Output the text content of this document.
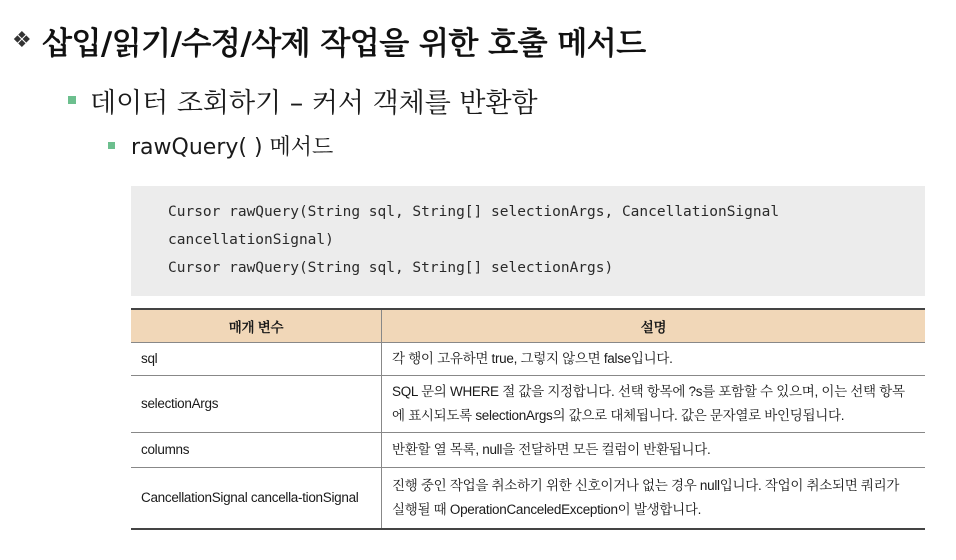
❖ 삽입/읽기/수정/삭제 작업을 위한 호출 메서드
데이터 조회하기 – 커서 객체를 반환함
rawQuery( ) 메서드
Cursor rawQuery(String sql, String[] selectionArgs, CancellationSignal
cancellationSignal)
Cursor rawQuery(String sql, String[] selectionArgs)
매개 변수	설명
sql	각 행이 고유하면 true, 그렇지 않으면 false입니다.
selectionArgs	SQL 문의 WHERE 절 값을 지정합니다. 선택 항목에 ?s를 포함할 수 있으며, 이는 선택 항목에 표시되도록 selectionArgs의 값으로 대체됩니다. 값은 문자열로 바인딩됩니다.
columns	반환할 열 목록, null을 전달하면 모든 컬럼이 반환됩니다.
CancellationSignal cancella-tionSignal	진행 중인 작업을 취소하기 위한 신호이거나 없는 경우 null입니다. 작업이 취소되면 쿼리가 실행될 때 OperationCanceledException이 발생합니다.
